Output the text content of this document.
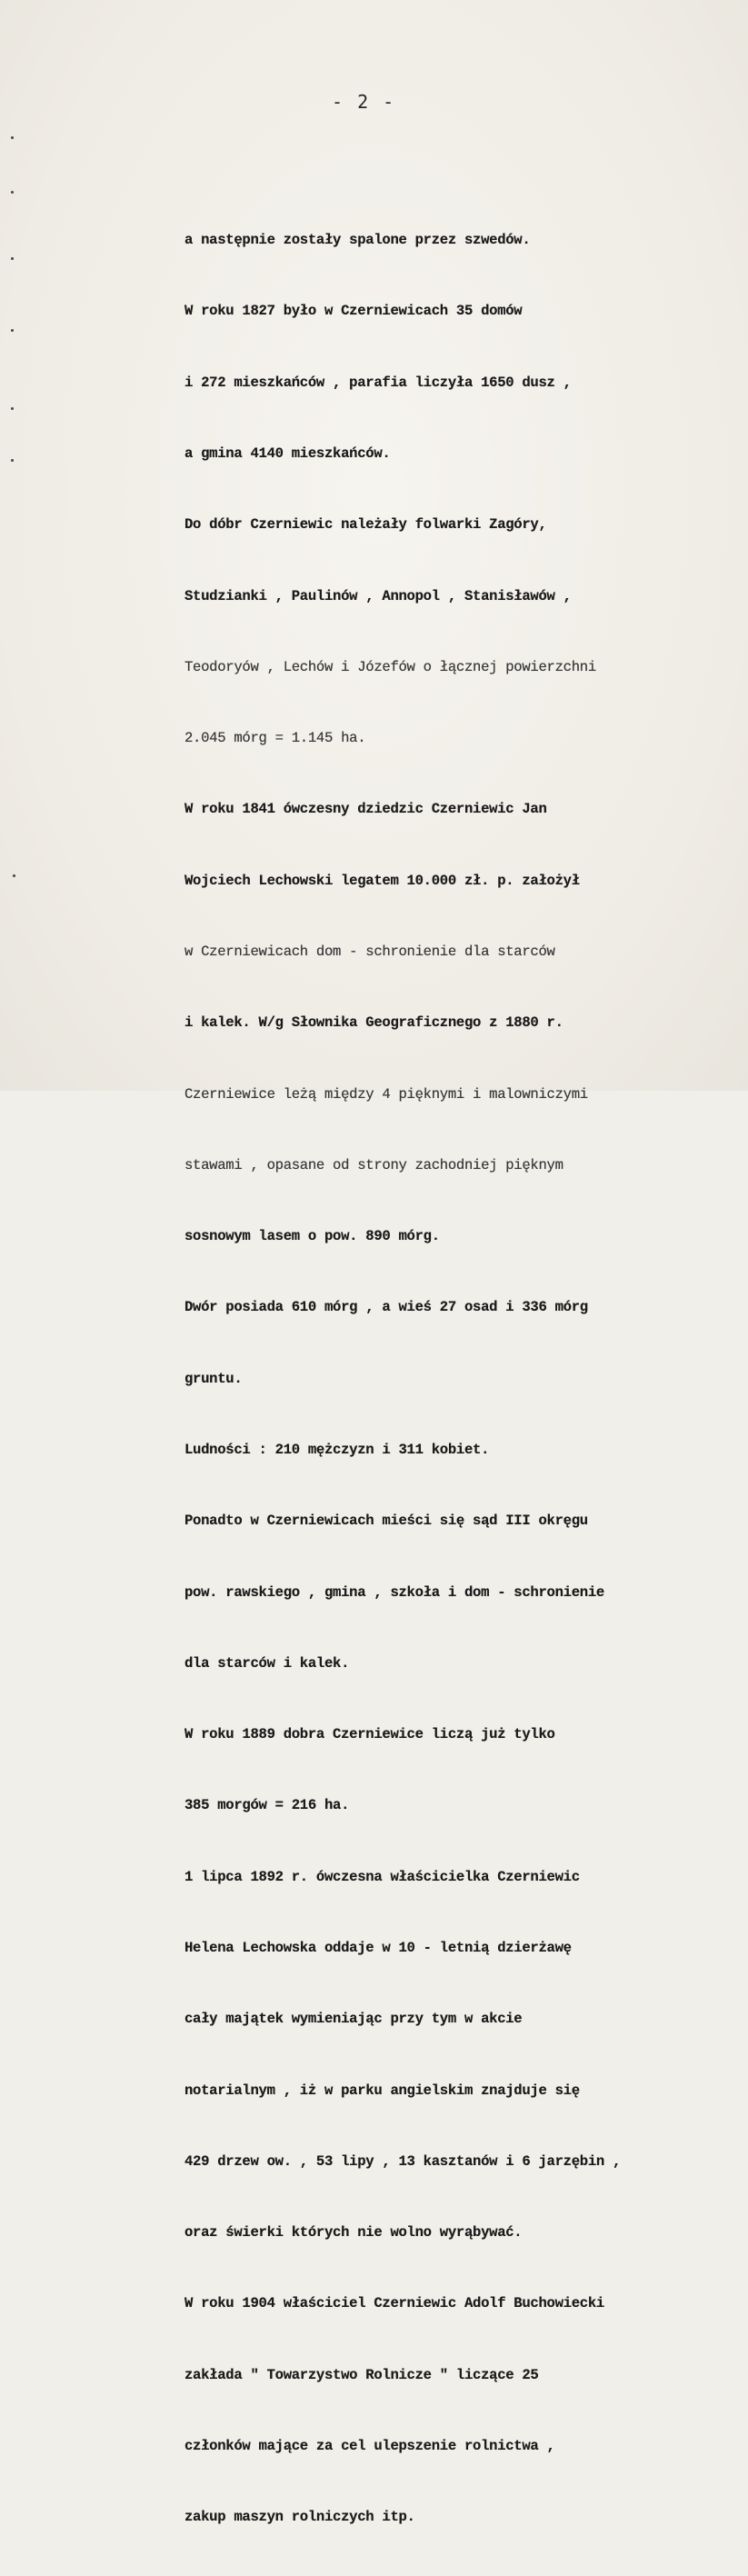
- 2 -

a następnie zostały spalone przez szwedów.

W roku 1827 było w Czerniewicach 35 domów

i 272 mieszkańców , parafia liczyła 1650 dusz ,

a gmina 4140 mieszkańców.

Do dóbr Czerniewic należały folwarki Zagóry,

Studzianki , Paulinów , Annopol , Stanisławów ,

Teodoryów , Lechów i Józefów o łącznej powierzchni

2.045 mórg = 1.145 ha.

W roku 1841 ówczesny dziedzic Czerniewic Jan

Wojciech Lechowski legatem 10.000 zł. p. założył

w Czerniewicach dom - schronienie dla starców

i kalek. W/g Słownika Geograficznego z 1880 r.

Czerniewice leżą między 4 pięknymi i malowniczymi

stawami , opasane od strony zachodniej pięknym

sosnowym lasem o pow. 890 mórg.

Dwór posiada 610 mórg , a wieś 27 osad i 336 mórg

gruntu.

Ludności : 210 mężczyzn i 311 kobiet.

Ponadto w Czerniewicach mieści się sąd III okręgu

pow. rawskiego , gmina , szkoła i dom - schronienie

dla starców i kalek.

W roku 1889 dobra Czerniewice liczą już tylko

385 morgów = 216 ha.

1 lipca 1892 r. ówczesna właścicielka Czerniewic

Helena Lechowska oddaje w 10 - letnią dzierżawę

cały majątek wymieniając przy tym w akcie

notarialnym , iż w parku angielskim znajduje się

429 drzew ow. , 53 lipy , 13 kasztanów i 6 jarzębin ,

oraz świerki których nie wolno wyrąbywać.

W roku 1904 właściciel Czerniewic Adolf Buchowiecki

zakłada " Towarzystwo Rolnicze " liczące 25

członków mające za cel ulepszenie rolnictwa ,

zakup maszyn rolniczych itp.
